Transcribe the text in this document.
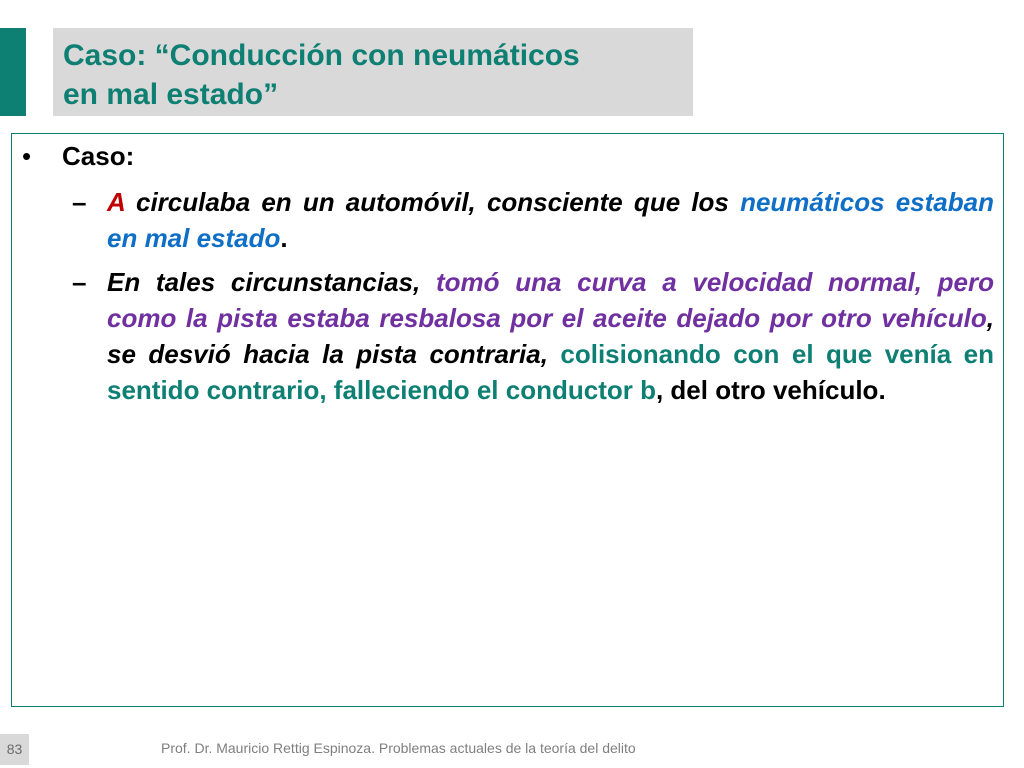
Caso: “Conducción con neumáticos
en mal estado”

•	Caso:
– A circulaba en un automóvil, consciente que los neumáticos estaban en mal estado.
– En tales circunstancias, tomó una curva a velocidad normal, pero como la pista estaba resbalosa por el aceite dejado por otro vehículo, se desvió hacia la pista contraria, colisionando con el que venía en sentido contrario, falleciendo el conductor b, del otro vehículo.
83	Prof. Dr. Mauricio Rettig Espinoza. Problemas actuales de la teoría del delito
